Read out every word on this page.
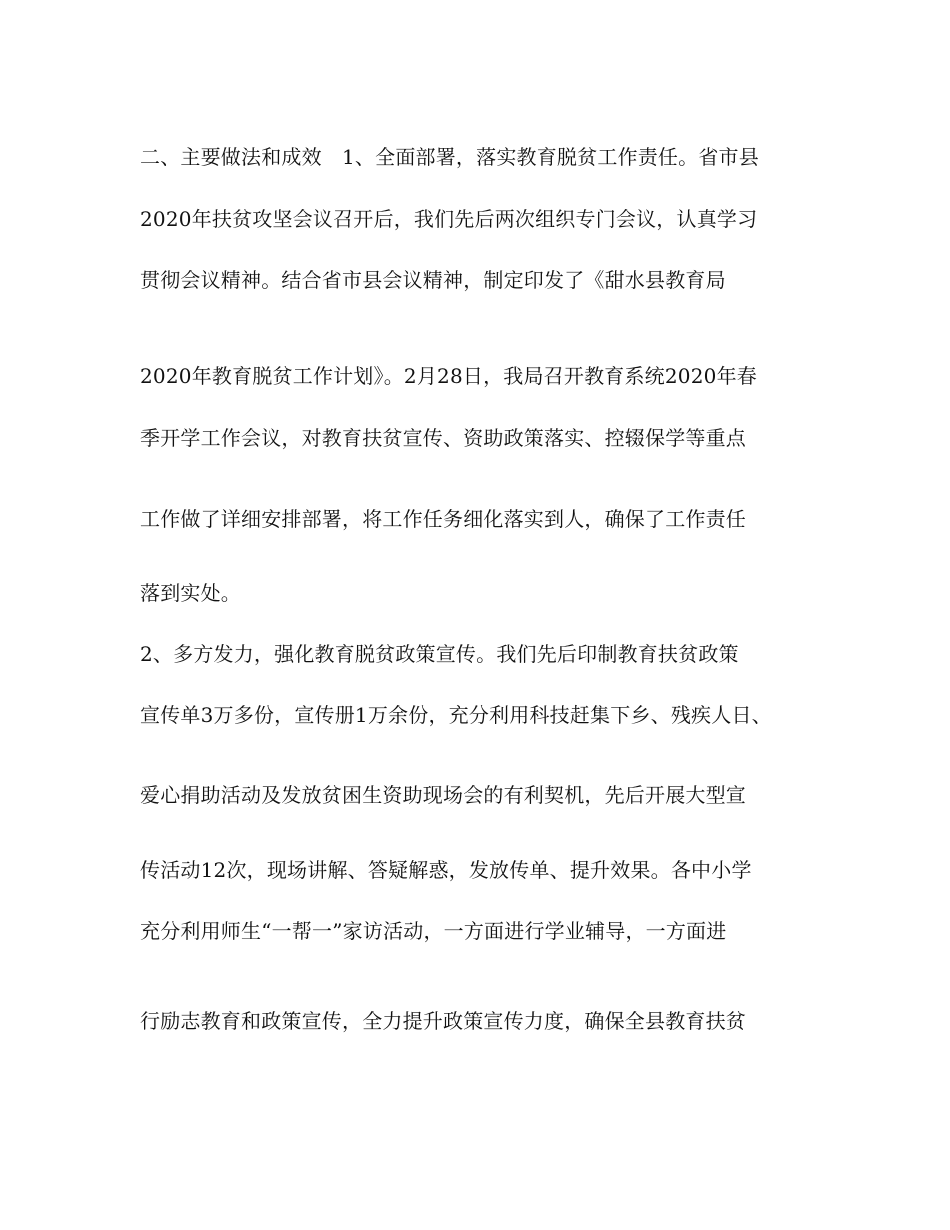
二、主要做法和成效　1、全面部署，落实教育脱贫工作责任。省市县

2020年扶贫攻坚会议召开后，我们先后两次组织专门会议，认真学习

贯彻会议精神。结合省市县会议精神，制定印发了《甜水县教育局

2020年教育脱贫工作计划》。2月28日，我局召开教育系统2020年春

季开学工作会议，对教育扶贫宣传、资助政策落实、控辍保学等重点

工作做了详细安排部署，将工作任务细化落实到人，确保了工作责任

落到实处。

2、多方发力，强化教育脱贫政策宣传。我们先后印制教育扶贫政策

宣传单3万多份，宣传册1万余份，充分利用科技赶集下乡、残疾人日、

爱心捐助活动及发放贫困生资助现场会的有利契机，先后开展大型宣

传活动12次，现场讲解、答疑解惑，发放传单、提升效果。各中小学

充分利用师生“一帮一”家访活动，一方面进行学业辅导，一方面进

行励志教育和政策宣传，全力提升政策宣传力度，确保全县教育扶贫
